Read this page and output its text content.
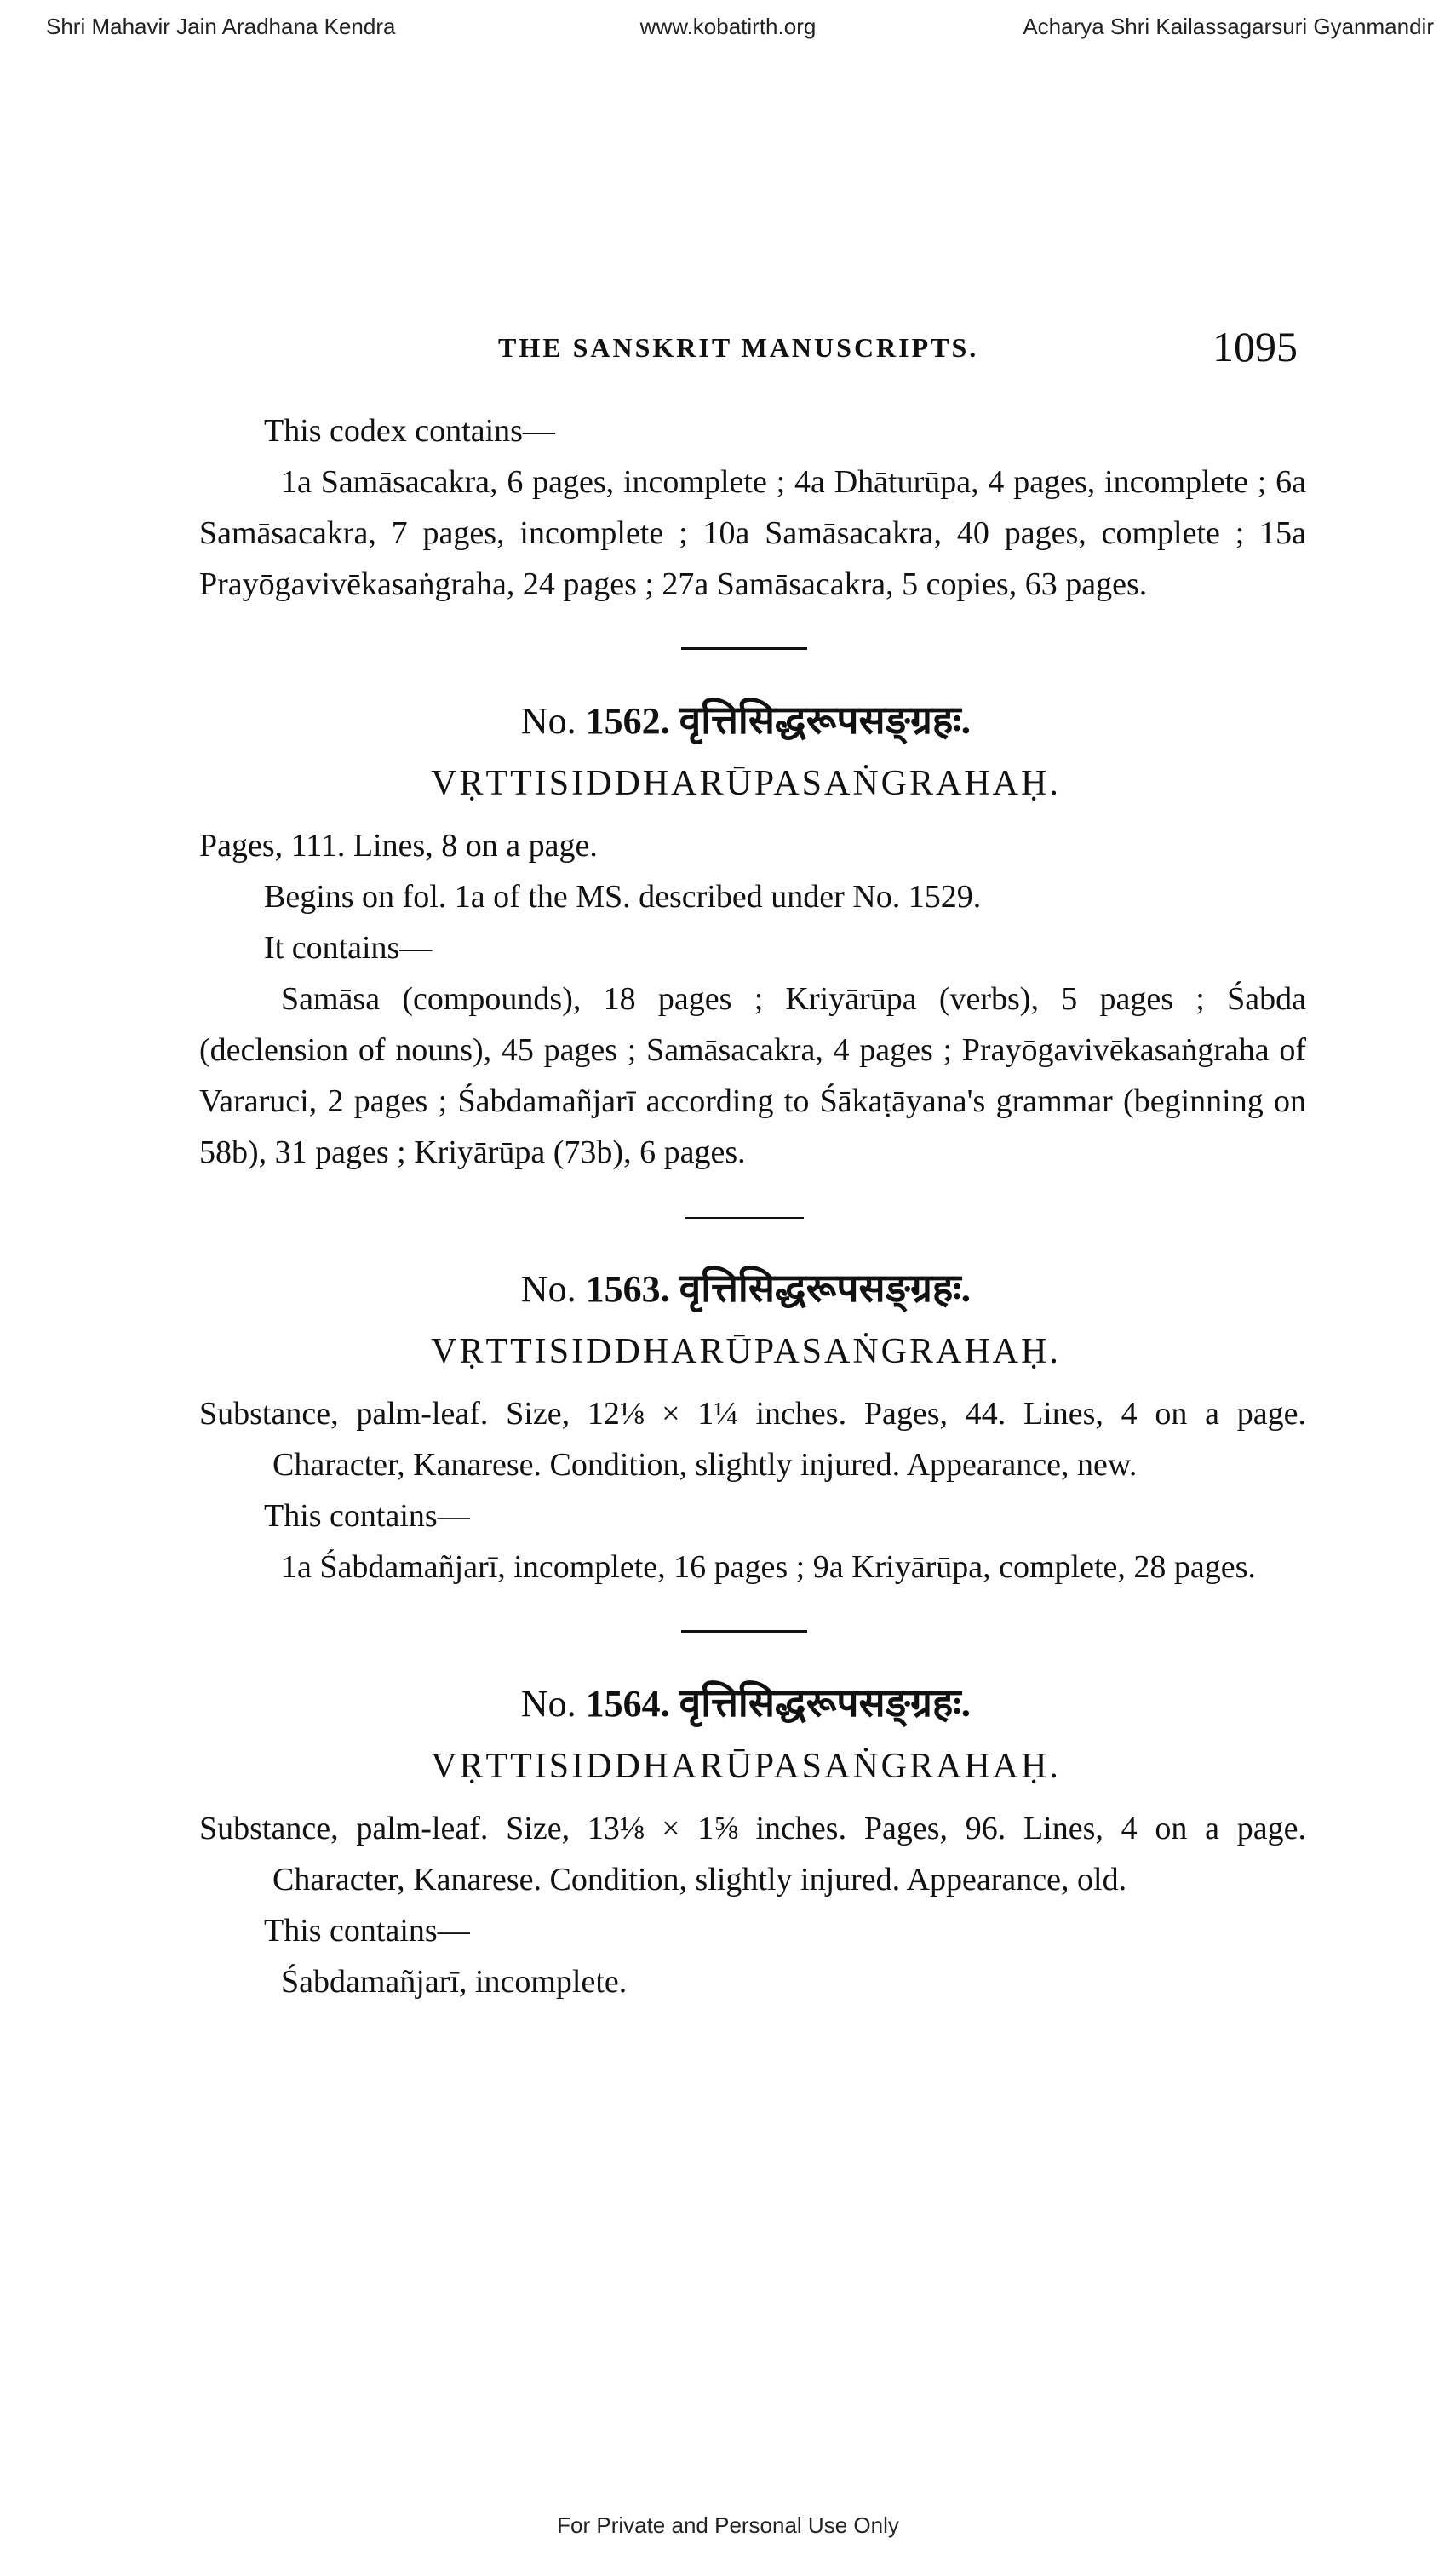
Shri Mahavir Jain Aradhana Kendra	www.kobatirth.org	Acharya Shri Kailassagarsuri Gyanmandir
THE SANSKRIT MANUSCRIPTS.	1095

This codex contains—

1a Samāsacakra, 6 pages, incomplete ; 4a Dhāturūpa, 4 pages, incomplete ; 6a Samāsacakra, 7 pages, incomplete ; 10a Samāsacakra, 40 pages, complete ; 15a Prayōgavivēkasaṅgraha, 24 pages ; 27a Samāsacakra, 5 copies, 63 pages.

No. 1562. वृत्तिसिद्धरूपसङ्ग्रहः.
VṚTTISIDDHARŪPASAṄGRAHAḤ.

Pages, 111. Lines, 8 on a page.

Begins on fol. 1a of the MS. described under No. 1529.

It contains—

Samāsa (compounds), 18 pages ; Kriyārūpa (verbs), 5 pages ; Śabda (declension of nouns), 45 pages ; Samāsacakra, 4 pages ; Prayōgavivēkasaṅgraha of Vararuci, 2 pages ; Śabdamañjarī according to Śākaṭāyana's grammar (beginning on 58b), 31 pages ; Kriyārūpa (73b), 6 pages.

No. 1563. वृत्तिसिद्धरूपसङ्ग्रहः.
VṚTTISIDDHARŪPASAṄGRAHAḤ.

Substance, palm-leaf. Size, 12⅛ × 1¼ inches. Pages, 44. Lines, 4 on a page. Character, Kanarese. Condition, slightly injured. Appearance, new.

This contains—

1a Śabdamañjarī, incomplete, 16 pages ; 9a Kriyārūpa, complete, 28 pages.

No. 1564. वृत्तिसिद्धरूपसङ्ग्रहः.
VṚTTISIDDHARŪPASAṄGRAHAḤ.

Substance, palm-leaf. Size, 13⅛ × 1⅝ inches. Pages, 96. Lines, 4 on a page. Character, Kanarese. Condition, slightly injured. Appearance, old.

This contains—

Śabdamañjarī, incomplete.

For Private and Personal Use Only
